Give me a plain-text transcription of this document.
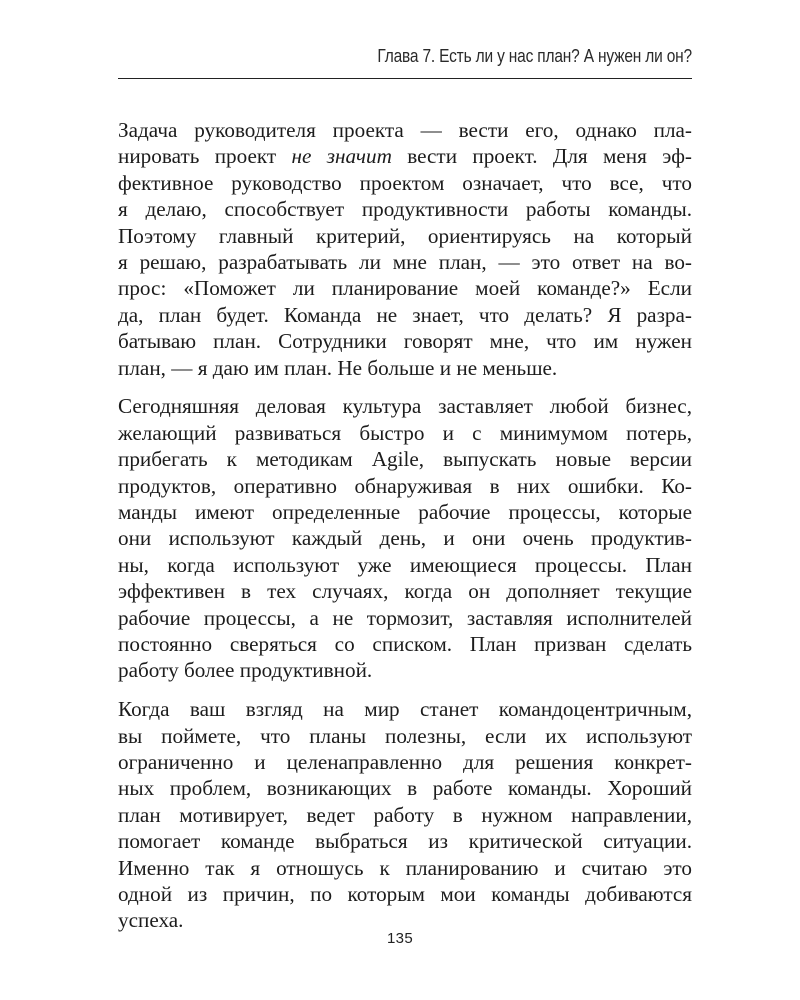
Глава 7. Есть ли у нас план? А нужен ли он?
Задача руководителя проекта — вести его, однако пла-
нировать проект не значит вести проект. Для меня эф-
фективное руководство проектом означает, что все, что
я делаю, способствует продуктивности работы команды.
Поэтому главный критерий, ориентируясь на который
я решаю, разрабатывать ли мне план, — это ответ на во-
прос: «Поможет ли планирование моей команде?» Если
да, план будет. Команда не знает, что делать? Я разра-
батываю план. Сотрудники говорят мне, что им нужен
план, — я даю им план. Не больше и не меньше.
Сегодняшняя деловая культура заставляет любой бизнес,
желающий развиваться быстро и с минимумом потерь,
прибегать к методикам Agile, выпускать новые версии
продуктов, оперативно обнаруживая в них ошибки. Ко-
манды имеют определенные рабочие процессы, которые
они используют каждый день, и они очень продуктив-
ны, когда используют уже имеющиеся процессы. План
эффективен в тех случаях, когда он дополняет текущие
рабочие процессы, а не тормозит, заставляя исполнителей
постоянно сверяться со списком. План призван сделать
работу более продуктивной.
Когда ваш взгляд на мир станет командоцентричным,
вы поймете, что планы полезны, если их используют
ограниченно и целенаправленно для решения конкрет-
ных проблем, возникающих в работе команды. Хороший
план мотивирует, ведет работу в нужном направлении,
помогает команде выбраться из критической ситуации.
Именно так я отношусь к планированию и считаю это
одной из причин, по которым мои команды добиваются
успеха.
135
